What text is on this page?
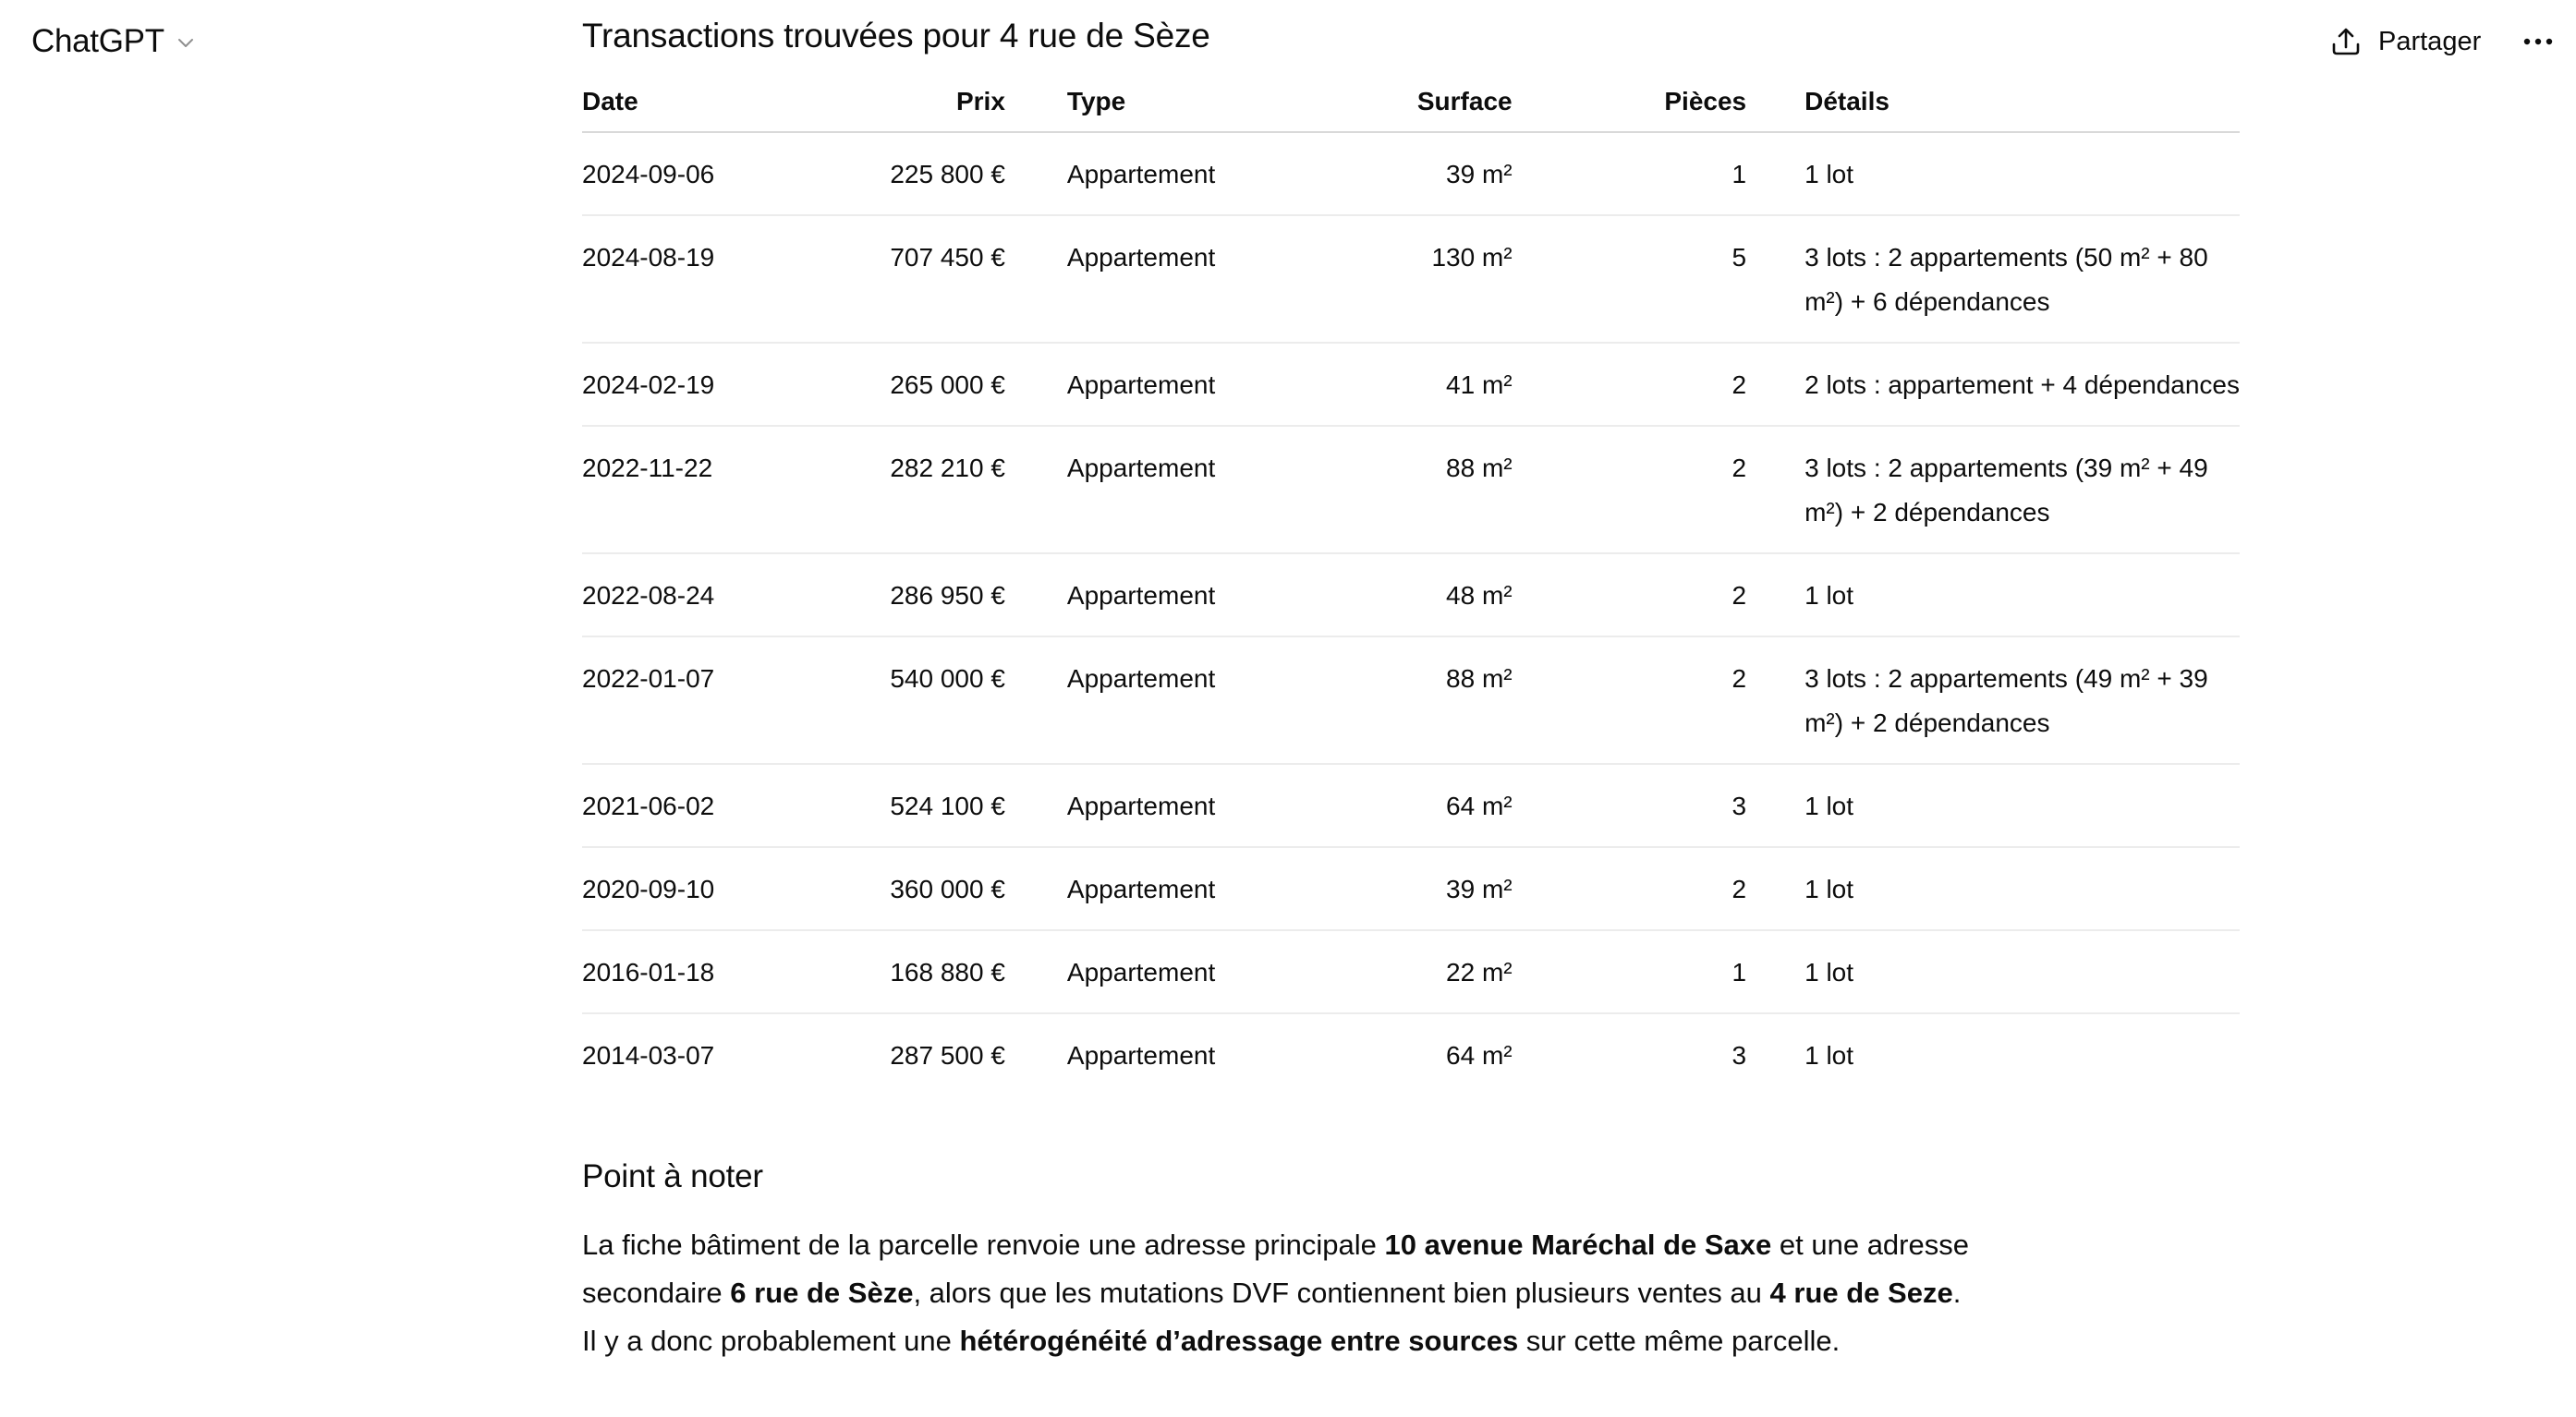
ChatGPT	Partager
Transactions trouvées pour 4 rue de Sèze
Date	Prix	Type	Surface	Pièces	Détails
2024-09-06	225 800 €	Appartement	39 m²	1	1 lot
2024-08-19	707 450 €	Appartement	130 m²	5	3 lots : 2 appartements (50 m² + 80 m²) + 6 dépendances
2024-02-19	265 000 €	Appartement	41 m²	2	2 lots : appartement + 4 dépendances
2022-11-22	282 210 €	Appartement	88 m²	2	3 lots : 2 appartements (39 m² + 49 m²) + 2 dépendances
2022-08-24	286 950 €	Appartement	48 m²	2	1 lot
2022-01-07	540 000 €	Appartement	88 m²	2	3 lots : 2 appartements (49 m² + 39 m²) + 2 dépendances
2021-06-02	524 100 €	Appartement	64 m²	3	1 lot
2020-09-10	360 000 €	Appartement	39 m²	2	1 lot
2016-01-18	168 880 €	Appartement	22 m²	1	1 lot
2014-03-07	287 500 €	Appartement	64 m²	3	1 lot
Point à noter

La fiche bâtiment de la parcelle renvoie une adresse principale 10 avenue Maréchal de Saxe et une adresse secondaire 6 rue de Sèze, alors que les mutations DVF contiennent bien plusieurs ventes au 4 rue de Seze. Il y a donc probablement une hétérogénéité d’adressage entre sources sur cette même parcelle.
